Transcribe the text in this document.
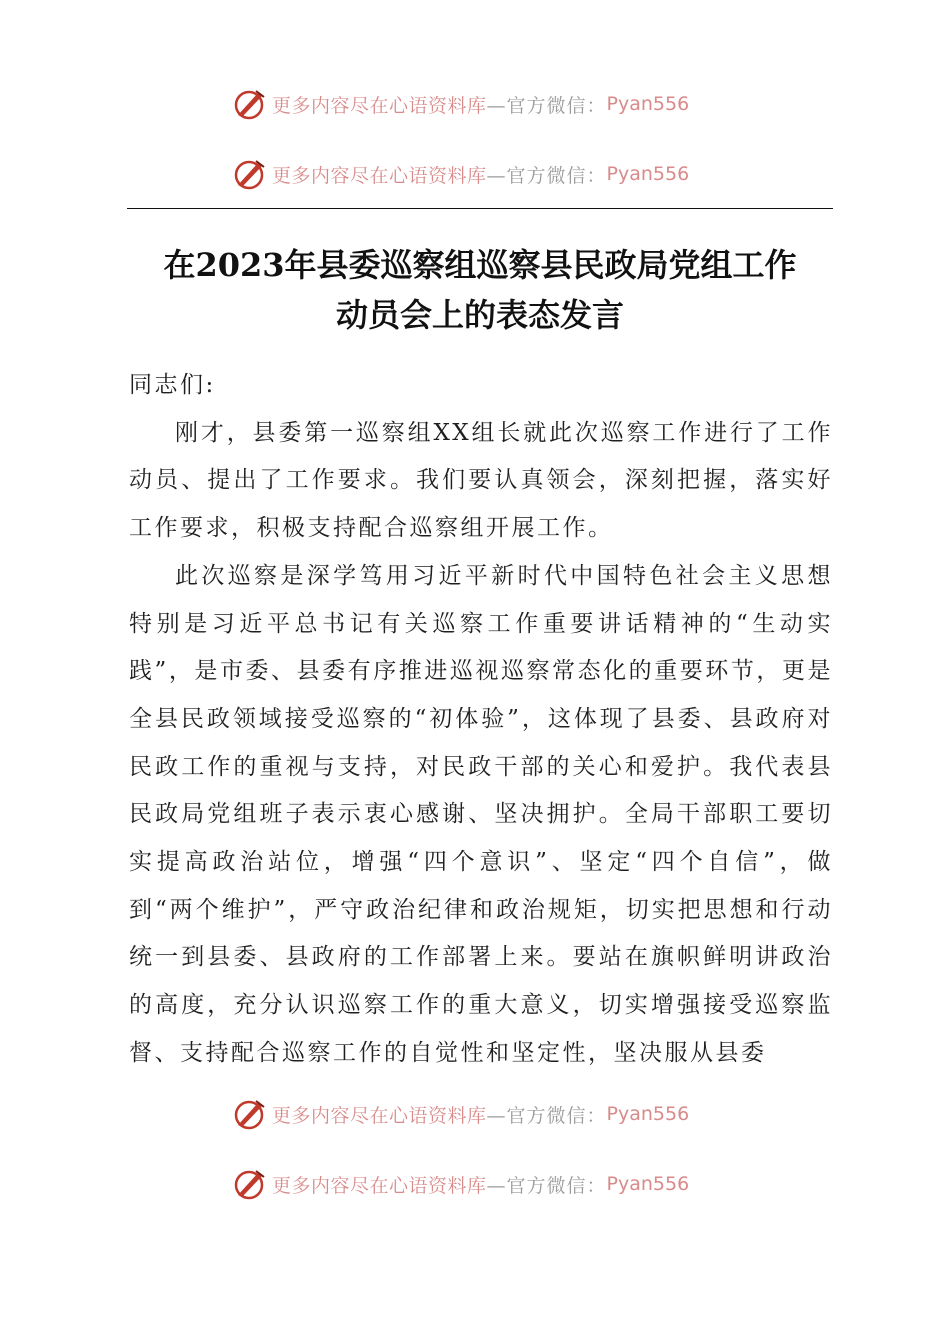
更多内容尽在心语资料库 —官方微信： Pyan556
更多内容尽在心语资料库 —官方微信： Pyan556
在2023年县委巡察组巡察县民政局党组工作
动员会上的表态发言

同志们:

刚才，县委第一巡察组XX组长就此次巡察工作进行了工作动员、提出了工作要求。我们要认真领会，深刻把握，落实好工作要求，积极支持配合巡察组开展工作。

此次巡察是深学笃用习近平新时代中国特色社会主义思想特别是习近平总书记有关巡察工作重要讲话精神的“生动实践”，是市委、县委有序推进巡视巡察常态化的重要环节，更是全县民政领域接受巡察的“初体验”，这体现了县委、县政府对民政工作的重视与支持，对民政干部的关心和爱护。我代表县民政局党组班子表示衷心感谢、坚决拥护。全局干部职工要切实提高政治站位，增强“四个意识”、坚定“四个自信”，做到“两个维护”，严守政治纪律和政治规矩，切实把思想和行动统一到县委、县政府的工作部署上来。要站在旗帜鲜明讲政治的高度，充分认识巡察工作的重大意义，切实增强接受巡察监督、支持配合巡察工作的自觉性和坚定性，坚决服从县委

更多内容尽在心语资料库 —官方微信： Pyan556
更多内容尽在心语资料库 —官方微信： Pyan556
